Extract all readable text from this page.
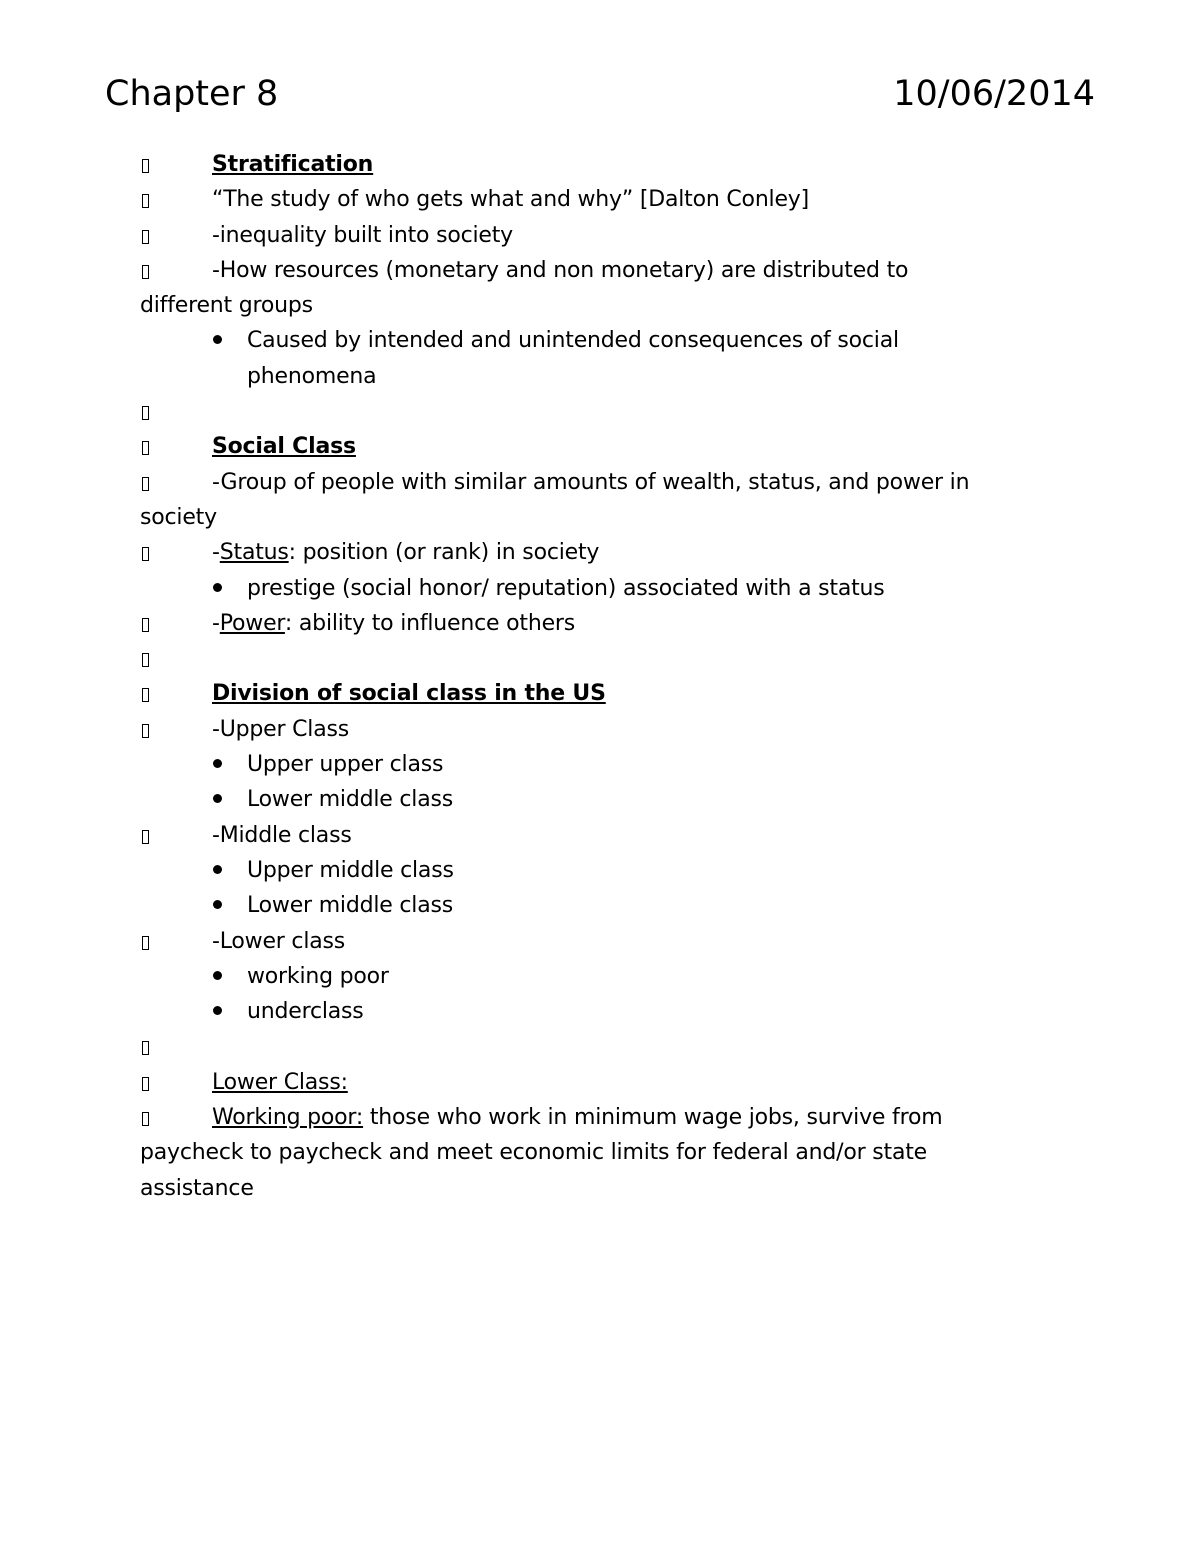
Chapter 8	10/06/2014
Stratification
“The study of who gets what and why” [Dalton Conley]
-inequality built into society
-How resources (monetary and non monetary) are distributed to
different groups
Caused by intended and unintended consequences of social
phenomena
Social Class
-Group of people with similar amounts of wealth, status, and power in
society
-Status: position (or rank) in society
prestige (social honor/ reputation) associated with a status
-Power: ability to influence others
Division of social class in the US
-Upper Class
Upper upper class
Lower middle class
-Middle class
Upper middle class
Lower middle class
-Lower class
working poor
underclass
Lower Class:
Working poor: those who work in minimum wage jobs, survive from
paycheck to paycheck and meet economic limits for federal and/or state
assistance
